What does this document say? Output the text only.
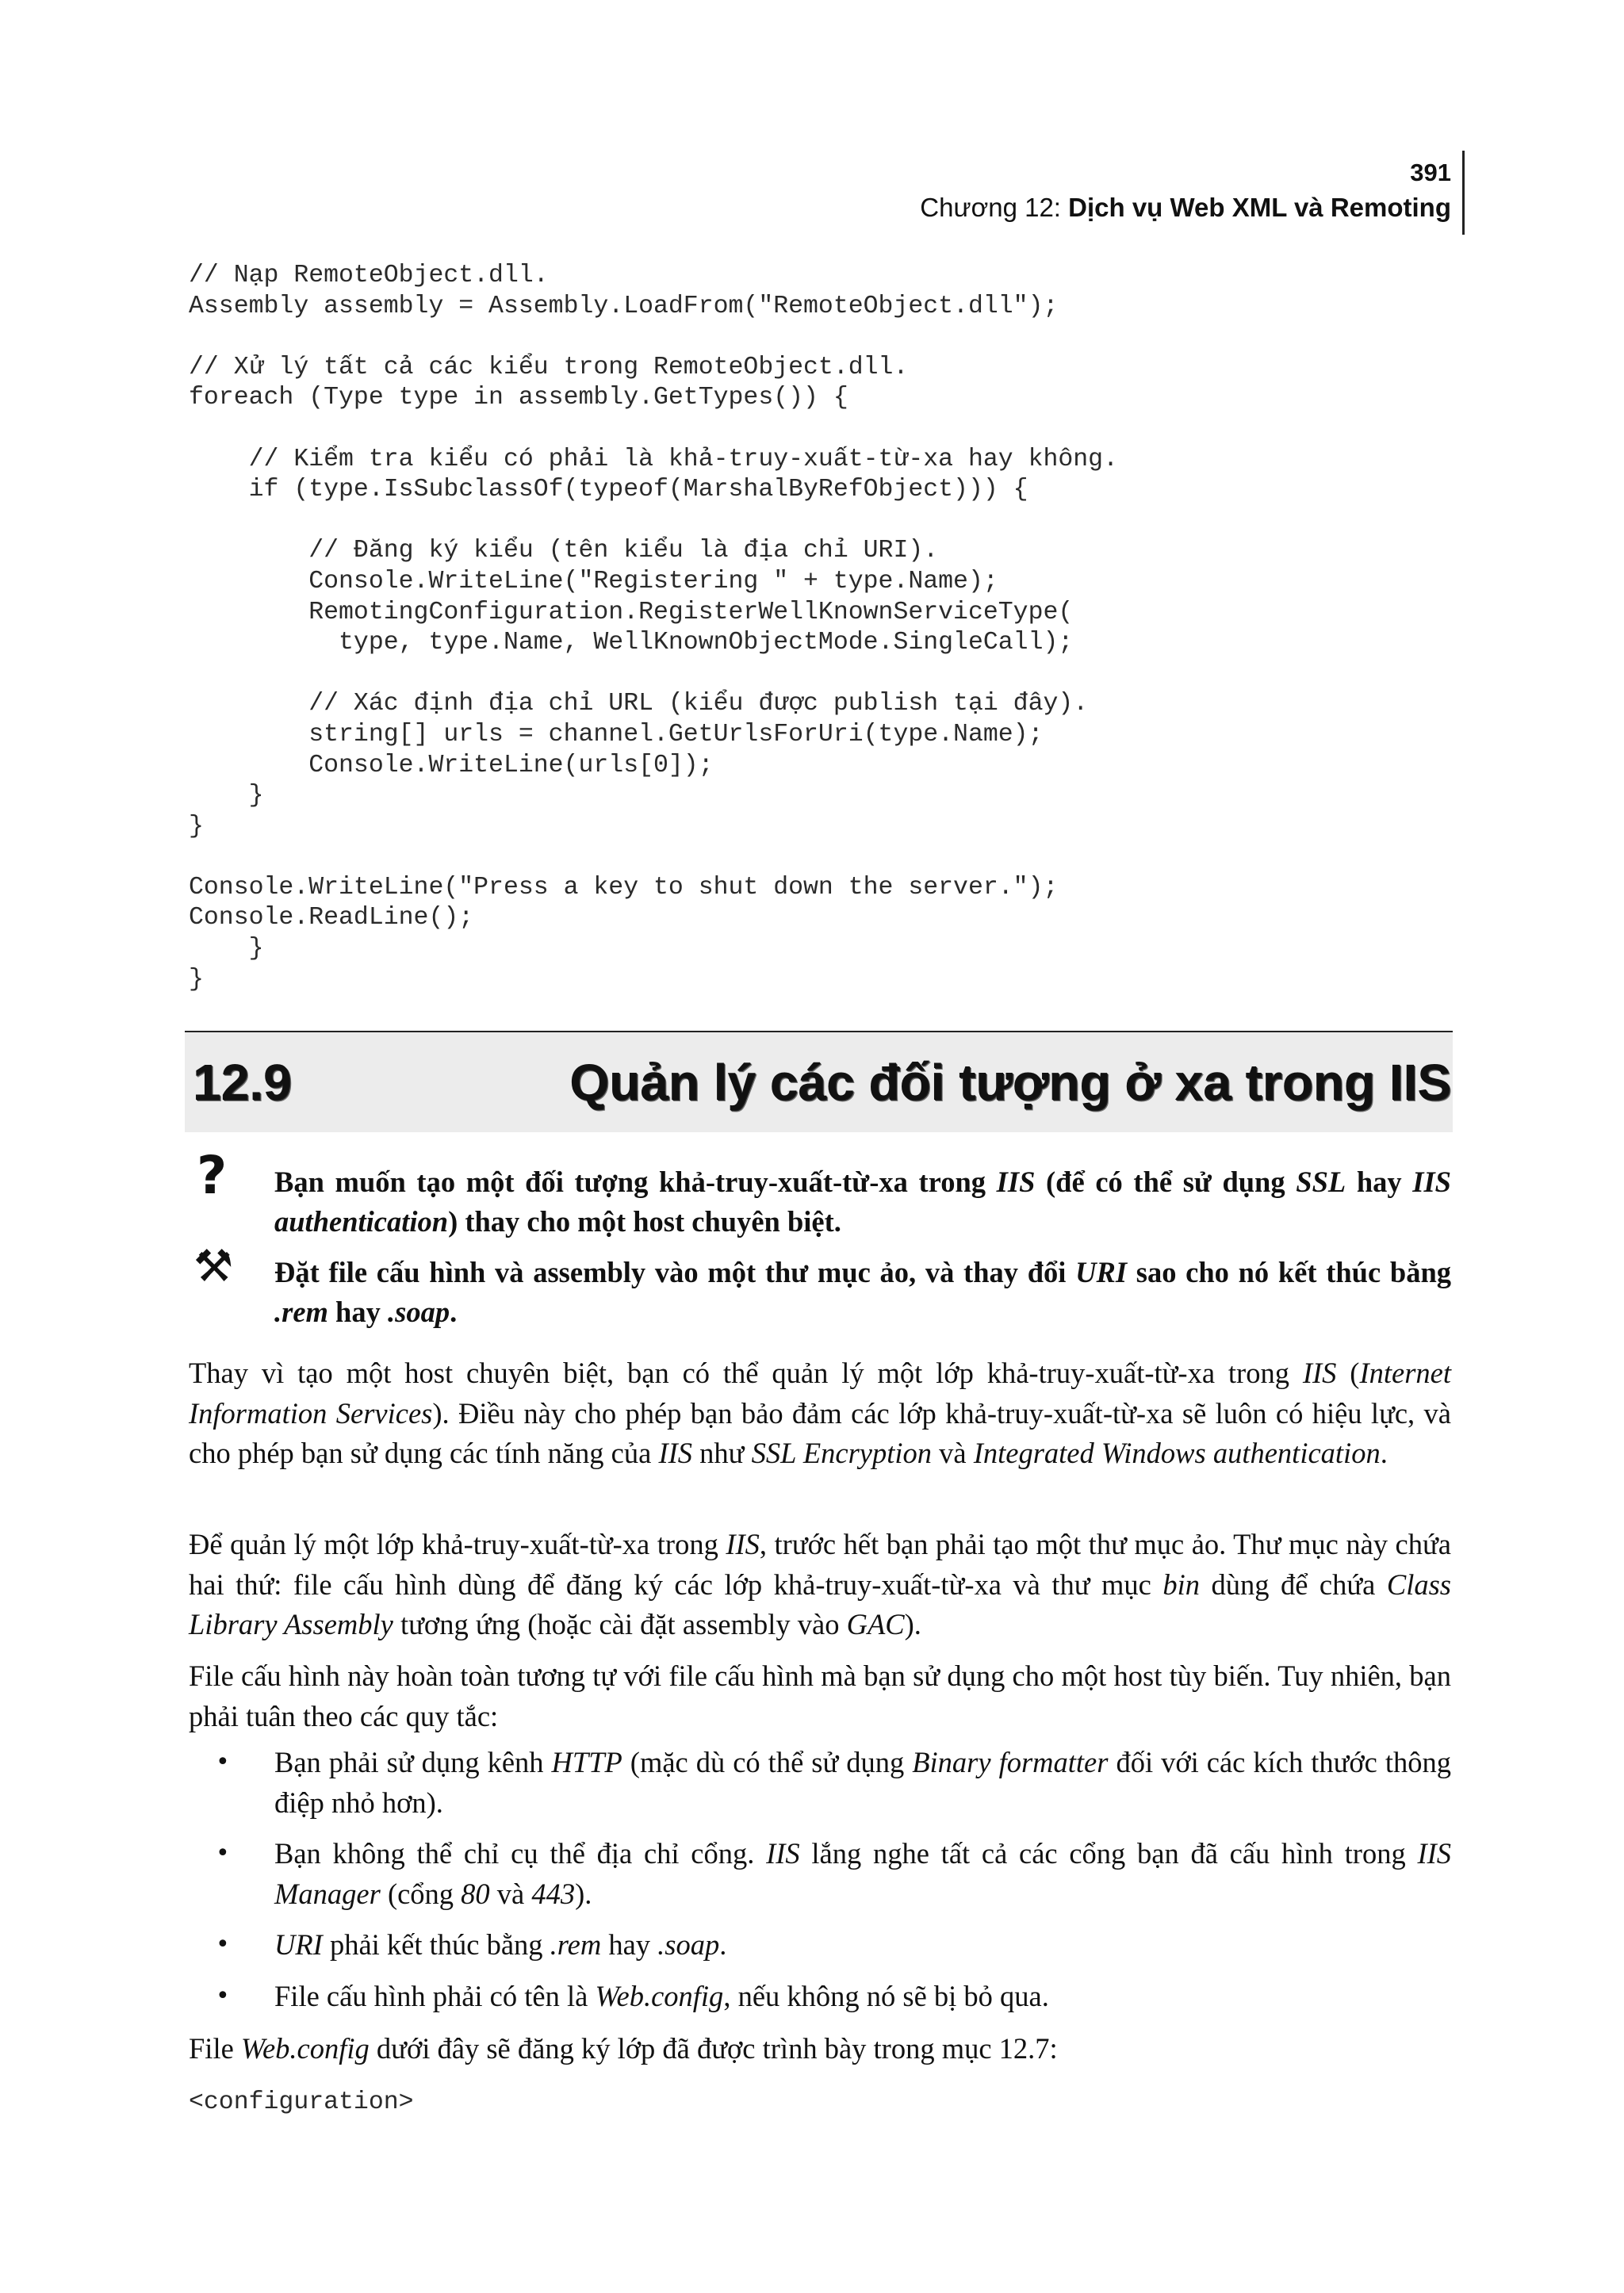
391
Chương 12: Dịch vụ Web XML và Remoting
// Nạp RemoteObject.dll.
Assembly assembly = Assembly.LoadFrom("RemoteObject.dll");

// Xử lý tất cả các kiểu trong RemoteObject.dll.
foreach (Type type in assembly.GetTypes()) {

// Kiểm tra kiểu có phải là khả-truy-xuất-từ-xa hay không.
if (type.IsSubclassOf(typeof(MarshalByRefObject))) {

// Đăng ký kiểu (tên kiểu là địa chỉ URI).
Console.WriteLine("Registering " + type.Name);
RemotingConfiguration.RegisterWellKnownServiceType(
type, type.Name, WellKnownObjectMode.SingleCall);

// Xác định địa chỉ URL (kiểu được publish tại đây).
string[] urls = channel.GetUrlsForUri(type.Name);
Console.WriteLine(urls[0]);
}
}

Console.WriteLine("Press a key to shut down the server.");
Console.ReadLine();
}
}
12.9	Quản lý các đối tượng ở xa trong IIS
? Bạn muốn tạo một đối tượng khả-truy-xuất-từ-xa trong IIS (để có thể sử dụng SSL hay IIS authentication) thay cho một host chuyên biệt.
⚒ Đặt file cấu hình và assembly vào một thư mục ảo, và thay đổi URI sao cho nó kết thúc bằng .rem hay .soap.

Thay vì tạo một host chuyên biệt, bạn có thể quản lý một lớp khả-truy-xuất-từ-xa trong IIS (Internet Information Services). Điều này cho phép bạn bảo đảm các lớp khả-truy-xuất-từ-xa sẽ luôn có hiệu lực, và cho phép bạn sử dụng các tính năng của IIS như SSL Encryption và Integrated Windows authentication.

Để quản lý một lớp khả-truy-xuất-từ-xa trong IIS, trước hết bạn phải tạo một thư mục ảo. Thư mục này chứa hai thứ: file cấu hình dùng để đăng ký các lớp khả-truy-xuất-từ-xa và thư mục bin dùng để chứa Class Library Assembly tương ứng (hoặc cài đặt assembly vào GAC).

File cấu hình này hoàn toàn tương tự với file cấu hình mà bạn sử dụng cho một host tùy biến. Tuy nhiên, bạn phải tuân theo các quy tắc:

• Bạn phải sử dụng kênh HTTP (mặc dù có thể sử dụng Binary formatter đối với các kích thước thông điệp nhỏ hơn).
• Bạn không thể chỉ cụ thể địa chỉ cổng. IIS lắng nghe tất cả các cổng bạn đã cấu hình trong IIS Manager (cổng 80 và 443).
• URI phải kết thúc bằng .rem hay .soap.
• File cấu hình phải có tên là Web.config, nếu không nó sẽ bị bỏ qua.

File Web.config dưới đây sẽ đăng ký lớp đã được trình bày trong mục 12.7:

<configuration>
